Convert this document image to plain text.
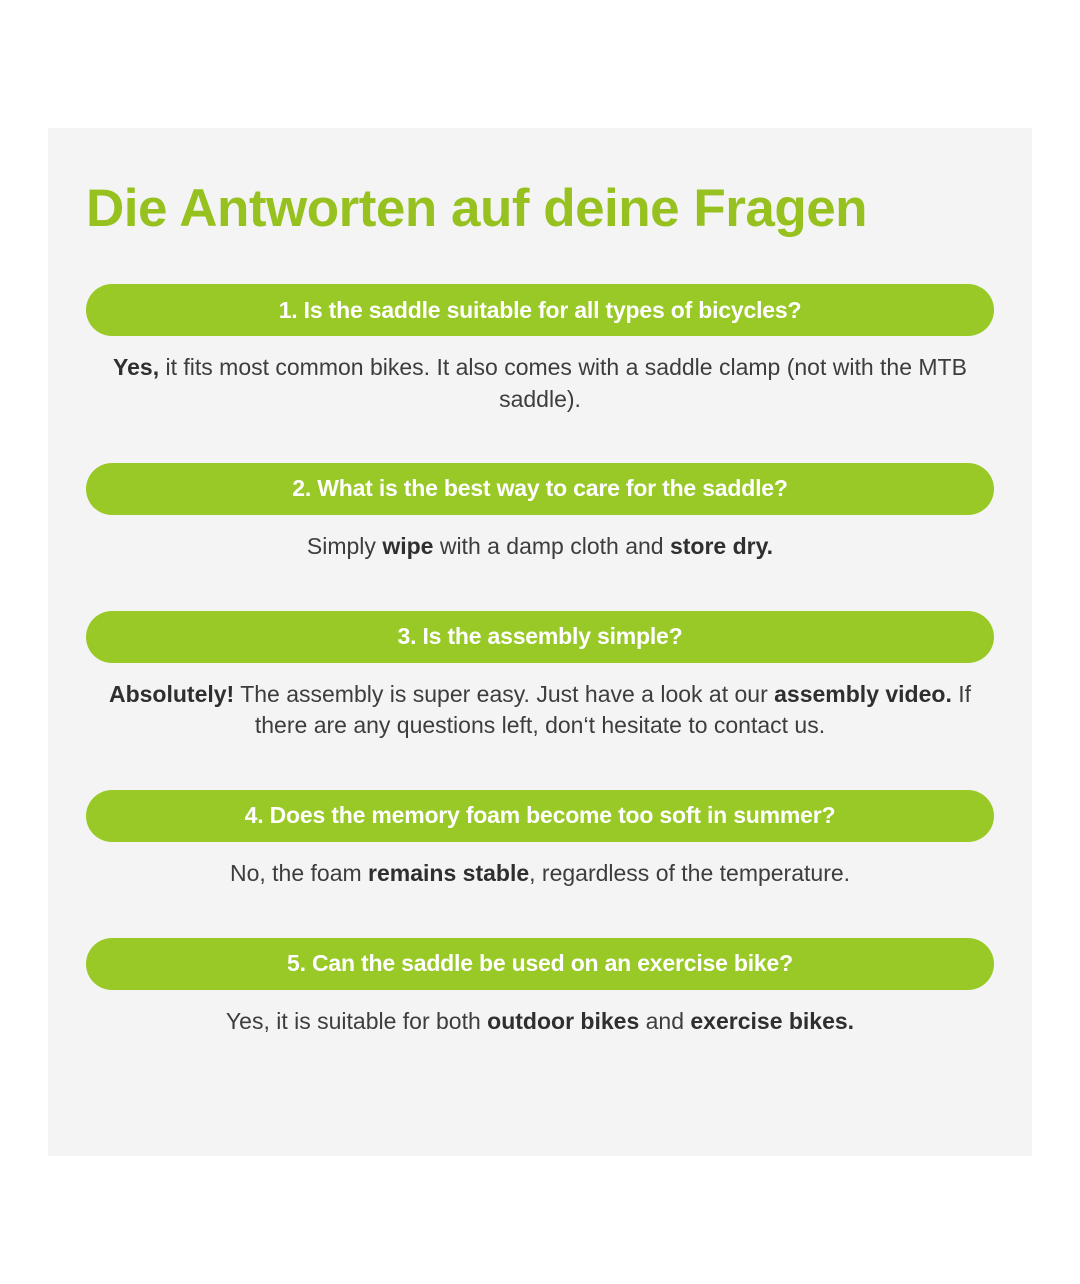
Die Antworten auf deine Fragen
1. Is the saddle suitable for all types of bicycles?
Yes, it fits most common bikes. It also comes with a saddle clamp (not with the MTB saddle).
2. What is the best way to care for the saddle?
Simply wipe with a damp cloth and store dry.
3. Is the assembly simple?
Absolutely! The assembly is super easy. Just have a look at our assembly video. If there are any questions left, don‘t hesitate to contact us.
4. Does the memory foam become too soft in summer?
No, the foam remains stable, regardless of the temperature.
5. Can the saddle be used on an exercise bike?
Yes, it is suitable for both outdoor bikes and exercise bikes.
